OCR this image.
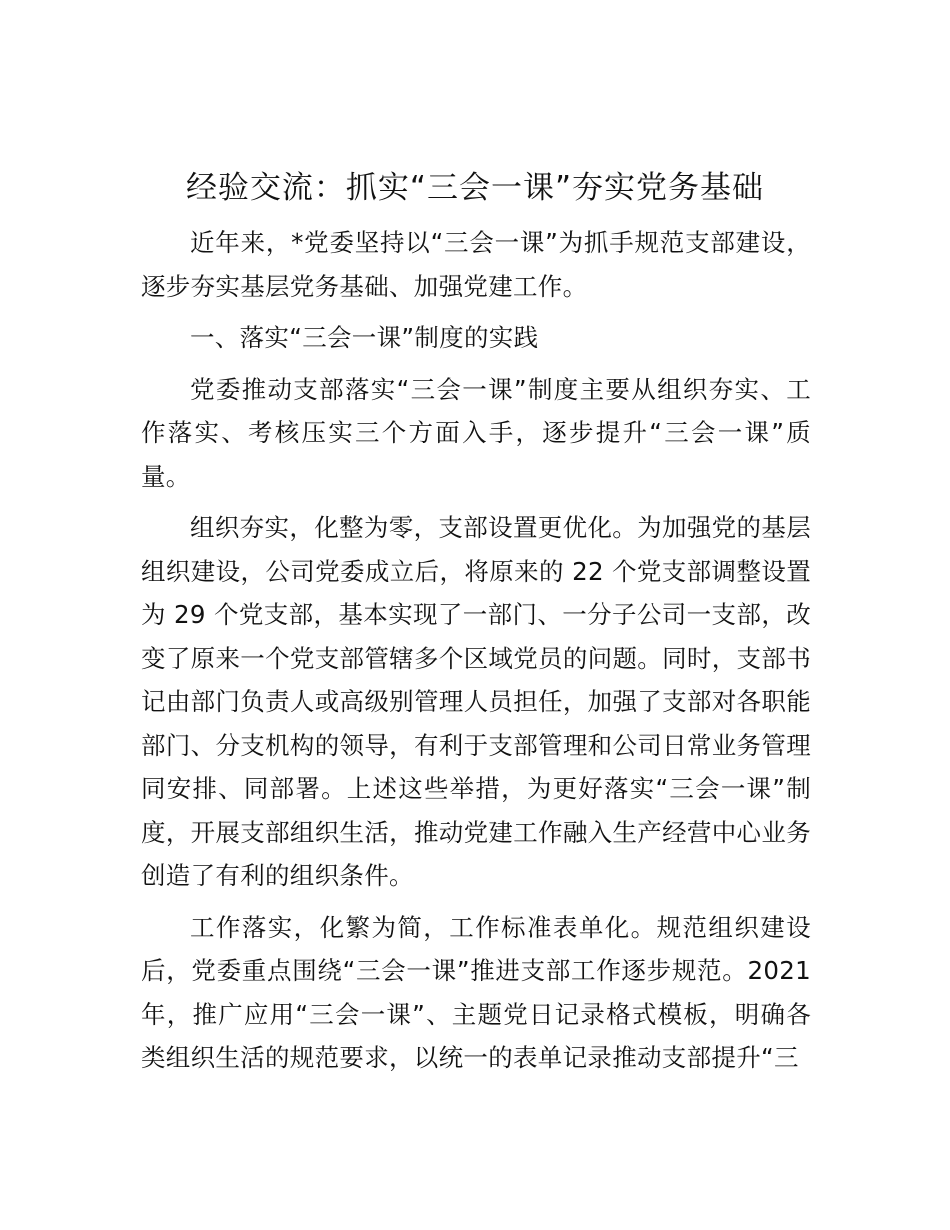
经验交流：抓实“三会一课”夯实党务基础

近年来，*党委坚持以“三会一课”为抓手规范支部建设，逐步夯实基层党务基础、加强党建工作。

一、落实“三会一课”制度的实践

党委推动支部落实“三会一课”制度主要从组织夯实、工作落实、考核压实三个方面入手，逐步提升“三会一课”质量。

组织夯实，化整为零，支部设置更优化。为加强党的基层组织建设，公司党委成立后，将原来的 22 个党支部调整设置为 29 个党支部，基本实现了一部门、一分子公司一支部，改变了原来一个党支部管辖多个区域党员的问题。同时，支部书记由部门负责人或高级别管理人员担任，加强了支部对各职能部门、分支机构的领导，有利于支部管理和公司日常业务管理同安排、同部署。上述这些举措，为更好落实“三会一课”制度，开展支部组织生活，推动党建工作融入生产经营中心业务创造了有利的组织条件。

工作落实，化繁为简，工作标准表单化。规范组织建设后，党委重点围绕“三会一课”推进支部工作逐步规范。2021 年，推广应用“三会一课”、主题党日记录格式模板，明确各类组织生活的规范要求，以统一的表单记录推动支部提升“三
